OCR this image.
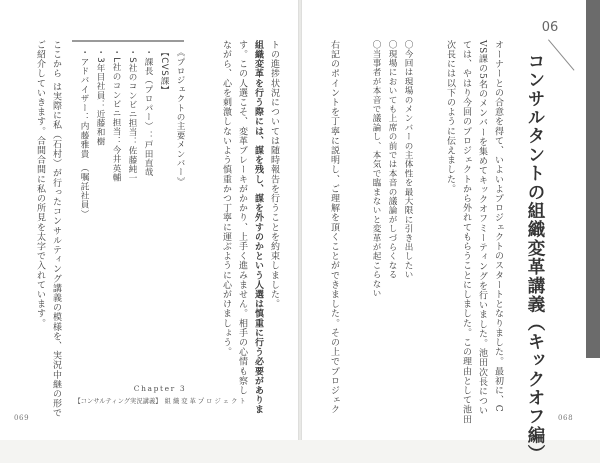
06
コンサルタントの組織変革講義（キックオフ編）
オーナーとの合意を得て、いよいよプロジェクトのスタートとなりました。最初に、C
VS課の5名のメンバーを集めてキックオフミーティングを行いました。池田次長につい
ては、やはり今回のプロジェクトから外れてもらうことにしました。この理由として池田
次長には以下のように伝えました。
〇今回は現場のメンバーの主体性を最大限に引き出したい
〇現場においても上席の前では本音の議論がしづらくなる
〇当事者が本音で議論し、本気で臨まないと変革が起こらない
右記のポイントを丁寧に説明し、ご理解を頂くことができました。その上でプロジェク
068
トの進捗状況については随時報告を行うことを約束しました。
組織変革を行う際には、謀を残し、謀を外すのかという人選は慎重に行う必要がありま
す。この人選こそ、変革ブレーキがかかり、上手く進みません。相手の心情も察し
ながら、心を刺激しないよう慎重かつ丁寧に運ぶように心がけましょう。
《プロジェクトの主要メンバー》
【CVS課】
・課長（プロパー）：戸田直哉
・S社のコンビニ担当：佐藤純一
・L社のコンビニ担当：今井英輔
・3年目社員：近藤和樹
・アドバイザー：内藤雅貴　（嘱託社員）
ここから は実際に私（石村）が行ったコンサルティング講義の模様を、実況中継の形で
ご紹介していきます。合間合間に私の所見を太字で入れています。
Chapter 3
【コンサルティング実況講義】　組 織 変 革 プ ロ ジ ェ ク ト
069
